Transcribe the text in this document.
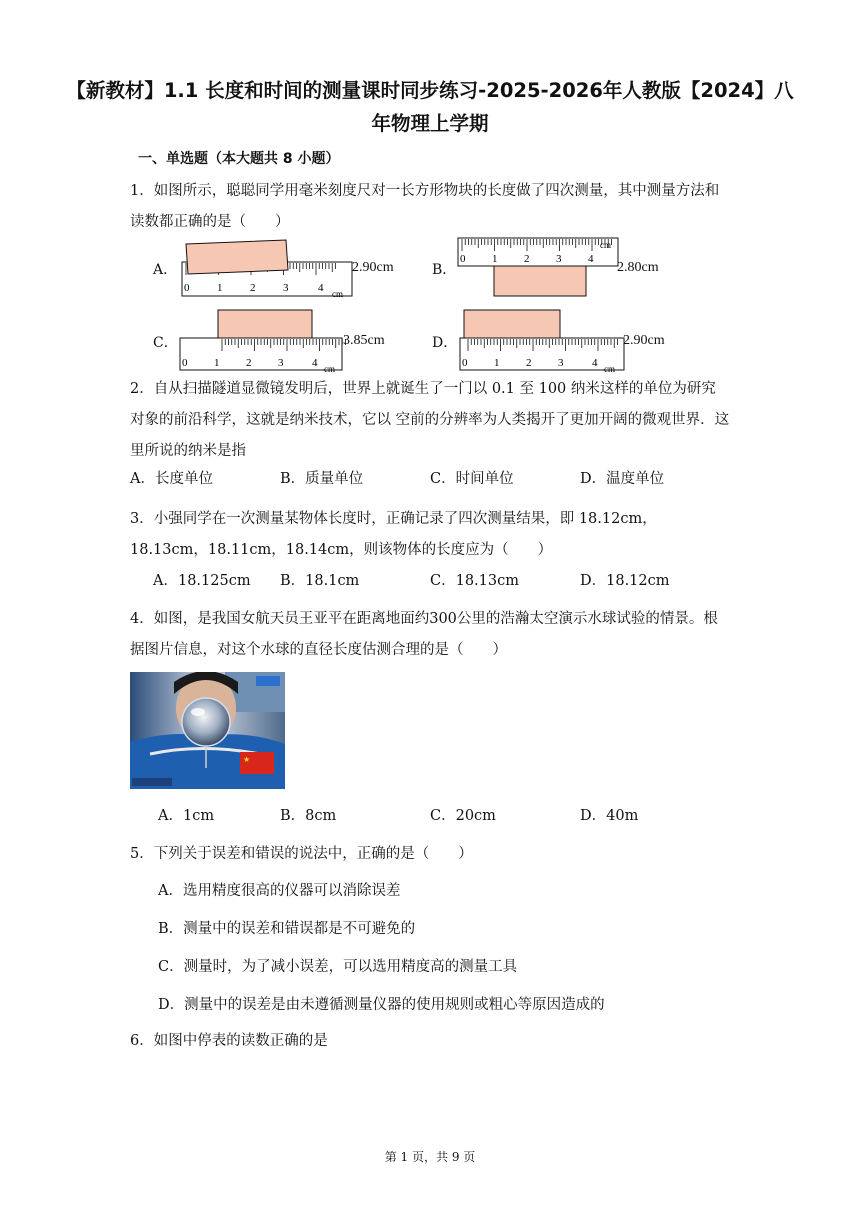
【新教材】1.1 长度和时间的测量课时同步练习-2025-2026年人教版【2024】八年物理上学期
一、单选题（本大题共 8 小题）
1．如图所示，聪聪同学用毫米刻度尺对一长方形物块的长度做了四次测量，其中测量方法和读数都正确的是（　　）
A．	B．
C．	D．
0	1	2	3	4 cm
2.90cm
0 1 2 3 4
cm
2.80cm
0 1 2 3	4 cm
3.85cm
0 1 2 3	4 cm
2.90cm
2．自从扫描隧道显微镜发明后，世界上就诞生了一门以 0.1 至 100 纳米这样的单位为研究对象的前沿科学，这就是纳米技术，它以 空前的分辨率为人类揭开了更加开阔的微观世界．这里所说的纳米是指
A．长度单位	B．质量单位	C．时间单位	D．温度单位
3．小强同学在一次测量某物体长度时，正确记录了四次测量结果，即 18.12cm，18.13cm，18.11cm，18.14cm，则该物体的长度应为（　　）
A．18.125cm B．18.1cm	C．18.13cm	D．18.12cm
4．如图，是我国女航天员王亚平在距离地面约300公里的浩瀚太空演示水球试验的情景。根据图片信息，对这个水球的直径长度估测合理的是（　　）
★
A．1cm	B．8cm	C．20cm	D．40m
5．下列关于误差和错误的说法中，正确的是（　　）
A．选用精度很高的仪器可以消除误差
B．测量中的误差和错误都是不可避免的
C．测量时，为了减小误差，可以选用精度高的测量工具
D．测量中的误差是由未遵循测量仪器的使用规则或粗心等原因造成的
6．如图中停表的读数正确的是
第 1 页，共 9 页
